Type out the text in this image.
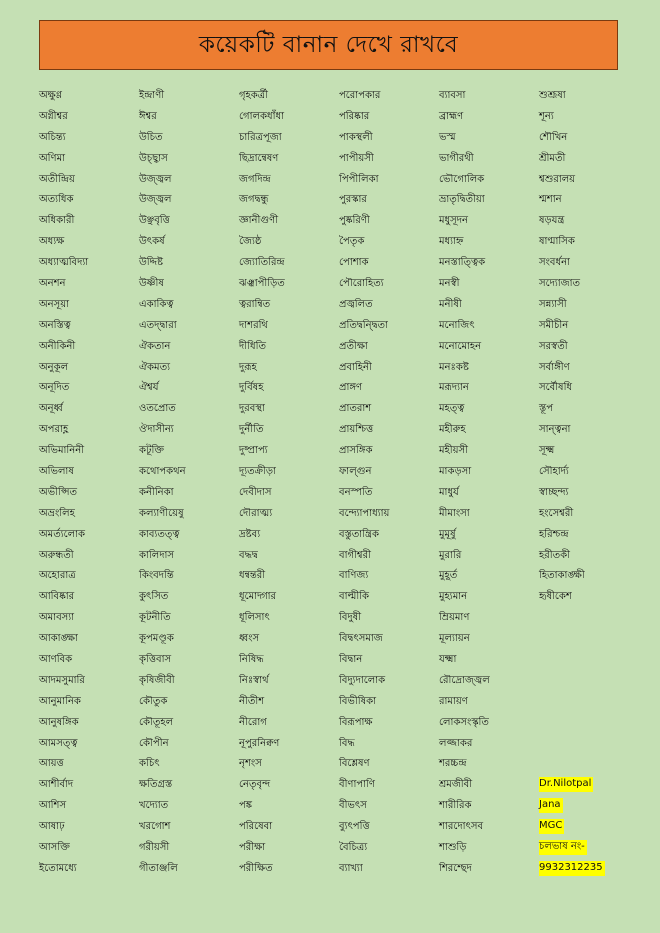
কয়েকটি বানান দেখে রাখবে
অক্ষুণ্ণ	ইন্দ্রাণী	গৃহকর্ত্রী	পরোপকার	ব্যাবসা	শুশ্রূষা
অগ্নীশ্বর	ঈশ্বর	গোলকধাঁধা	পরিষ্কার	ব্রাহ্মণ	শূন্য
অচিন্ত্য	উচিত	চারিত্রপূজা	পাকস্থলী	ভস্ম	শৌখিন
অণিমা	উচ্ছ্বাস	ছিদ্রান্বেষণ	পাপীয়সী	ভাগীরথী	শ্রীমতী
অতীন্দ্রিয়	উজ্জ্বল	জগদিন্দ্র	পিপীলিকা	ভৌগোলিক	শ্বশুরালয়
অত্যধিক	উজ্জ্বল	জগদ্বন্ধু	পুরস্কার	ভ্রাতৃদ্বিতীয়া	শ্মশান
অধিকারী	উঞ্ছবৃত্তি	জ্ঞানীগুণী	পুষ্করিণী	মধুসূদন	ষড়যন্ত্র
অধ্যক্ষ	উৎকর্ষ	জ্যৈষ্ঠ	পৈতৃক	মধ্যাহ্ন	ষাণ্মাসিক
অধ্যাত্মবিদ্যা	উদ্দিষ্ট	জ্যোতিরিন্দ্র	পোশাক	মনস্তাত্ত্বিক	সংবর্ধনা
অনশন	উষ্ণীষ	ঝঞ্ঝাপীড়িত	পৌরোহিত্য	মনস্বী	সদ্যোজাত
অনসূয়া	একাকিত্ব	ত্বরান্বিত	প্রজ্বলিত	মনীষী	সন্ন্যাসী
অনস্তিত্ব	এতদ্দ্বারা	দাশরথি	প্রতিদ্বন্দ্বিতা	মনোজিৎ	সমীচীন
অনীকিনী	ঐকতান	দীধিতি	প্রতীক্ষা	মনোমোহন	সরস্বতী
অনুকূল	ঐকমত্য	দুরূহ	প্রবাহিনী	মনঃকষ্ট	সর্বাঙ্গীণ
অনূদিত	ঐশ্বর্য	দুর্বিষহ	প্রাঙ্গণ	মরূদ্যান	সর্বৌষধি
অনূর্ধ্ব	ওতপ্রোত	দুরবস্থা	প্রাতরাশ	মহত্ত্ব	স্তূপ
অপরাহ্ণ	ঔদাসীন্য	দুর্নীতি	প্রায়শ্চিত্ত	মহীরুহ	সান্ত্বনা
অভিমানিনী	কটূক্তি	দুষ্প্রাপ্য	প্রাসঙ্গিক	মহীয়সী	সূক্ষ্ম
অভিলাষ	কথোপকথন	দ্যূতক্রীড়া	ফাল্গুন	মাকড়সা	সৌহার্দ্য
অভীপ্সিত	কনীনিকা	দেবীদাস	বনস্পতি	মাধুর্য	স্বাচ্ছন্দ্য
অভ্রংলিহ	কল্যাণীয়েষু	দৌরাত্ম্য	বন্দ্যোপাধ্যায়	মীমাংসা	হংসেশ্বরী
অমর্ত্যলোক	কাব্যতত্ত্ব	দ্রষ্টব্য	বস্তুতান্ত্রিক	মুমূর্ষু	হরিশ্চন্দ্র
অরুন্ধতী	কালিদাস	বদ্ধদ্ব	বাগীশ্বরী	মুরারি	হরীতকী
অহোরাত্র	কিংবদন্তি	ধন্বন্তরী	বাণিজ্য	মুহূর্ত	হিতাকাঙ্ক্ষী
আবিষ্কার	কুৎসিত	ধূমোদ্গার	বাল্মীকি	মুহ্যমান	হৃষীকেশ
অমাবস্যা	কূটনীতি	ধূলিসাৎ	বিদুষী	ম্রিয়মাণ
আকাঙ্ক্ষা	কূপমণ্ডূক	ধ্বংস	বিদ্বৎসমাজ	মূল্যায়ন
আণবিক	কৃত্তিবাস	নিষিদ্ধ	বিদ্বান	যক্ষ্মা
আদমসুমারি	কৃষিজীবী	নিঃস্বার্থ	বিদ্যুদালোক	রৌদ্রোজ্জ্বল
আনুমানিক	কৌতুক	নীতীশ	বিভীষিকা	রামায়ণ
আনুষঙ্গিক	কৌতূহল	নীরোগ	বিরূপাক্ষ	লোকসংস্কৃতি
আমসত্ত্ব	কৌপীন	নূপুরনিক্বণ	বিদ্ধ	লজ্জাকর
আয়ত্ত	কচিৎ	নৃশংস	বিশ্লেষণ	শরচ্চন্দ্র
আশীর্বাদ	ক্ষতিগ্রস্ত	নেতৃবৃন্দ	বীণাপাণি	শ্রমজীবী	Dr.Nilotpal
আশিস	খদ্যোত	পঙ্ক	বীভৎস	শারীরিক	Jana
আষাঢ়	খরগোশ	পরিষেবা	ব্যুৎপত্তি	শারদোৎসব	MGC
আসক্তি	গরীয়সী	পরীক্ষা	বৈচিত্র্য	শাশুড়ি	চলভাষ নং-
ইতোমধ্যে	গীতাঞ্জলি	পরীক্ষিত	ব্যাখ্যা	শিরশ্ছেদ	9932312235
